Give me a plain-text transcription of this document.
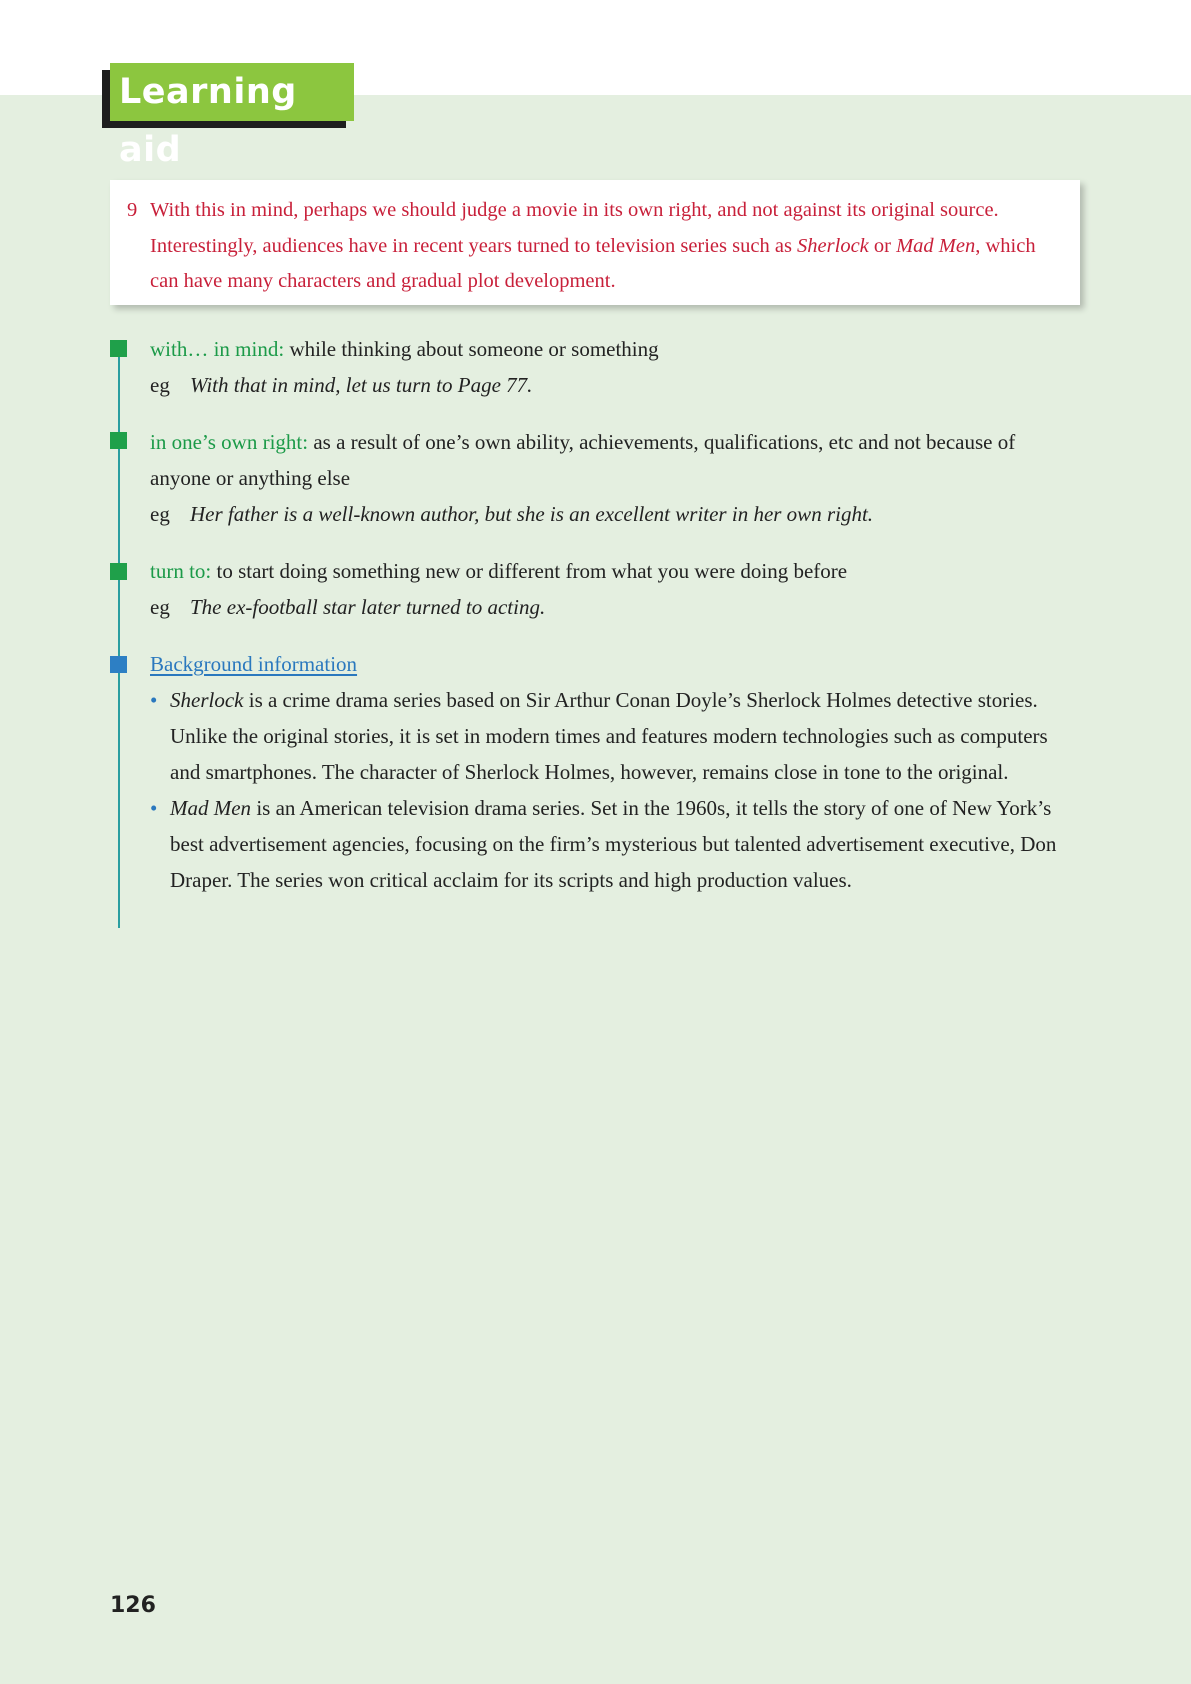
Learning aid
9 With this in mind, perhaps we should judge a movie in its own right, and not against its original source. Interestingly, audiences have in recent years turned to television series such as Sherlock or Mad Men, which can have many characters and gradual plot development.
with… in mind: while thinking about someone or something
eg With that in mind, let us turn to Page 77.
in one’s own right: as a result of one’s own ability, achievements, qualifications, etc and not because of anyone or anything else
eg Her father is a well-known author, but she is an excellent writer in her own right.
turn to: to start doing something new or different from what you were doing before
eg The ex-football star later turned to acting.
Background information
• Sherlock is a crime drama series based on Sir Arthur Conan Doyle’s Sherlock Holmes detective stories. Unlike the original stories, it is set in modern times and features modern technologies such as computers and smartphones. The character of Sherlock Holmes, however, remains close in tone to the original.
• Mad Men is an American television drama series. Set in the 1960s, it tells the story of one of New York’s best advertisement agencies, focusing on the firm’s mysterious but talented advertisement executive, Don Draper. The series won critical acclaim for its scripts and high production values.
126
